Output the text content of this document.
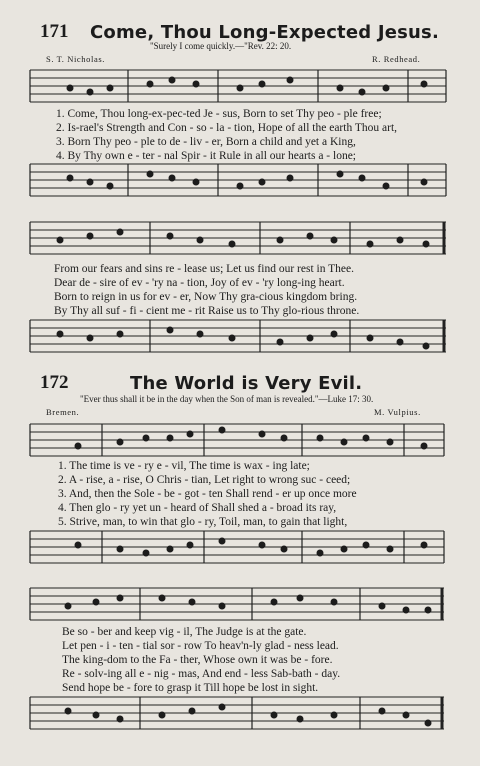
171 Come, Thou Long-Expected Jesus.
"Surely I come quickly.—"Rev. 22: 20.
S. T. Nicholas.	R. Redhead.
1. Come, Thou long-ex-pec-ted Je - sus, Born to set Thy peo - ple free;
2. Is-rael's Strength and Con - so - la - tion, Hope of all the earth Thou art,
3. Born Thy peo - ple to de - liv - er, Born a child and yet a King,
4. By Thy own e - ter - nal Spir - it Rule in all our hearts a - lone;
From our fears and sins re - lease us; Let us find our rest in Thee.
Dear de - sire of ev - 'ry na - tion, Joy of ev - 'ry long-ing heart.
Born to reign in us for ev - er, Now Thy gra-cious kingdom bring.
By Thy all suf - fi - cient me - rit Raise us to Thy glo-rious throne.
172	The World is Very Evil.
"Ever thus shall it be in the day when the Son of man is revealed."—Luke 17: 30.
Bremen.	M. Vulpius.
1. The time is ve - ry e - vil, The time is wax - ing late;
2. A - rise, a - rise, O Chris - tian, Let right to wrong suc - ceed;
3. And, then the Sole - be - got - ten Shall rend - er up once more
4. Then glo - ry yet un - heard of Shall shed a - broad its ray,
5. Strive, man, to win that glo - ry, Toil, man, to gain that light,
Be so - ber and keep vig - il, The Judge is at the gate.
Let pen - i - ten - tial sor - row To heav'n-ly glad - ness lead.
The king-dom to the Fa - ther, Whose own it was be - fore.
Re - solv-ing all e - nig - mas, And end - less Sab-bath - day.
Send hope be - fore to grasp it Till hope be lost in sight.
